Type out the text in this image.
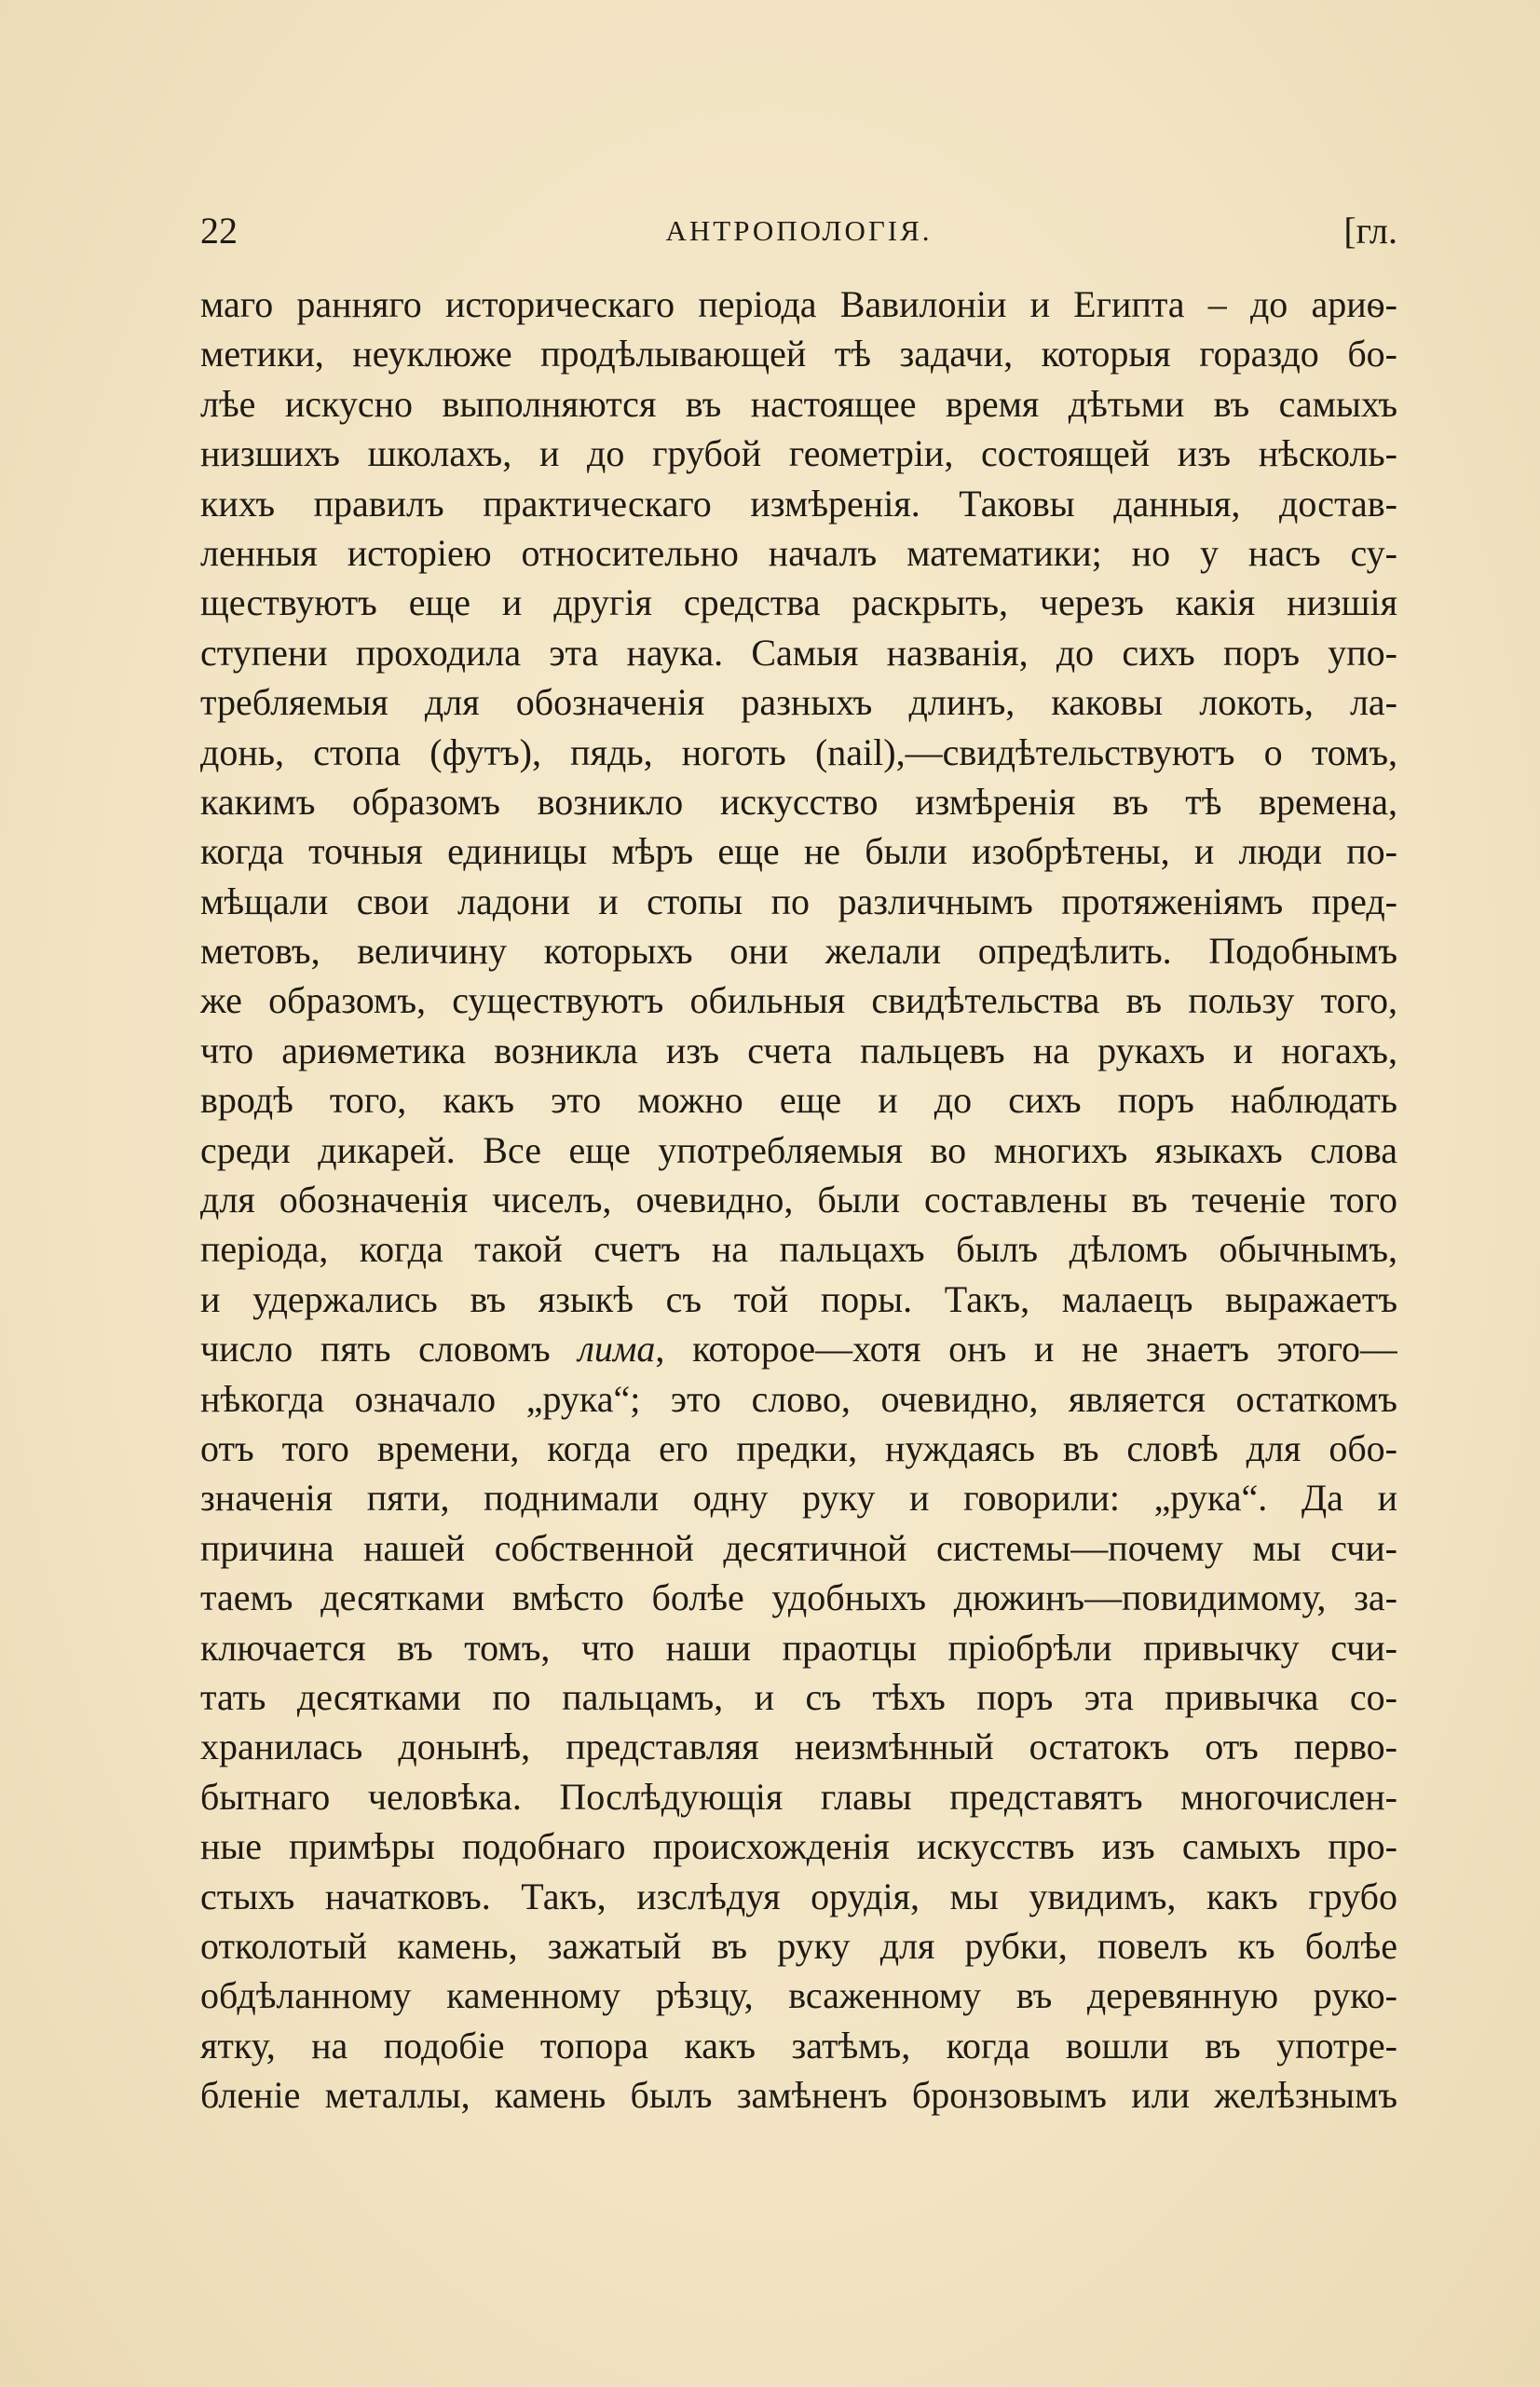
22	АНТРОПОЛОГІЯ.	[гл.
маго ранняго историческаго періода Вавилоніи и Египта – до ариѳ-
метики, неуклюже продѣлывающей тѣ задачи, которыя гораздо бо-
лѣе искусно выполняются въ настоящее время дѣтьми въ самыхъ
низшихъ школахъ, и до грубой геометріи, состоящей изъ нѣсколь-
кихъ правилъ практическаго измѣренія. Таковы данныя, достав-
ленныя исторіею относительно началъ математики; но у насъ су-
ществуютъ еще и другія средства раскрыть, черезъ какія низшія
ступени проходила эта наука. Самыя названія, до сихъ поръ упо-
требляемыя для обозначенія разныхъ длинъ, каковы локоть, ла-
донь, стопа (футъ), пядь, ноготь (nail),—свидѣтельствуютъ о томъ,
какимъ образомъ возникло искусство измѣренія въ тѣ времена,
когда точныя единицы мѣръ еще не были изобрѣтены, и люди по-
мѣщали свои ладони и стопы по различнымъ протяженіямъ пред-
метовъ, величину которыхъ они желали опредѣлить. Подобнымъ
же образомъ, существуютъ обильныя свидѣтельства въ пользу того,
что ариѳметика возникла изъ счета пальцевъ на рукахъ и ногахъ,
вродѣ того, какъ это можно еще и до сихъ поръ наблюдать
среди дикарей. Все еще употребляемыя во многихъ языкахъ слова
для обозначенія чиселъ, очевидно, были составлены въ теченіе того
періода, когда такой счетъ на пальцахъ былъ дѣломъ обычнымъ,
и удержались въ языкѣ съ той поры. Такъ, малаецъ выражаетъ
число пять словомъ лима, которое—хотя онъ и не знаетъ этого—
нѣкогда означало „рука“; это слово, очевидно, является остаткомъ
отъ того времени, когда его предки, нуждаясь въ словѣ для обо-
значенія пяти, поднимали одну руку и говорили: „рука“. Да и
причина нашей собственной десятичной системы—почему мы счи-
таемъ десятками вмѣсто болѣе удобныхъ дюжинъ—повидимому, за-
ключается въ томъ, что наши праотцы пріобрѣли привычку счи-
тать десятками по пальцамъ, и съ тѣхъ поръ эта привычка со-
хранилась донынѣ, представляя неизмѣнный остатокъ отъ перво-
бытнаго человѣка. Послѣдующія главы представятъ многочислен-
ные примѣры подобнаго происхожденія искусствъ изъ самыхъ про-
стыхъ начатковъ. Такъ, изслѣдуя орудія, мы увидимъ, какъ грубо
отколотый камень, зажатый въ руку для рубки, повелъ къ болѣе
обдѣланному каменному рѣзцу, всаженному въ деревянную руко-
ятку, на подобіе топора какъ затѣмъ, когда вошли въ употре-
бленіе металлы, камень былъ замѣненъ бронзовымъ или желѣзнымъ
